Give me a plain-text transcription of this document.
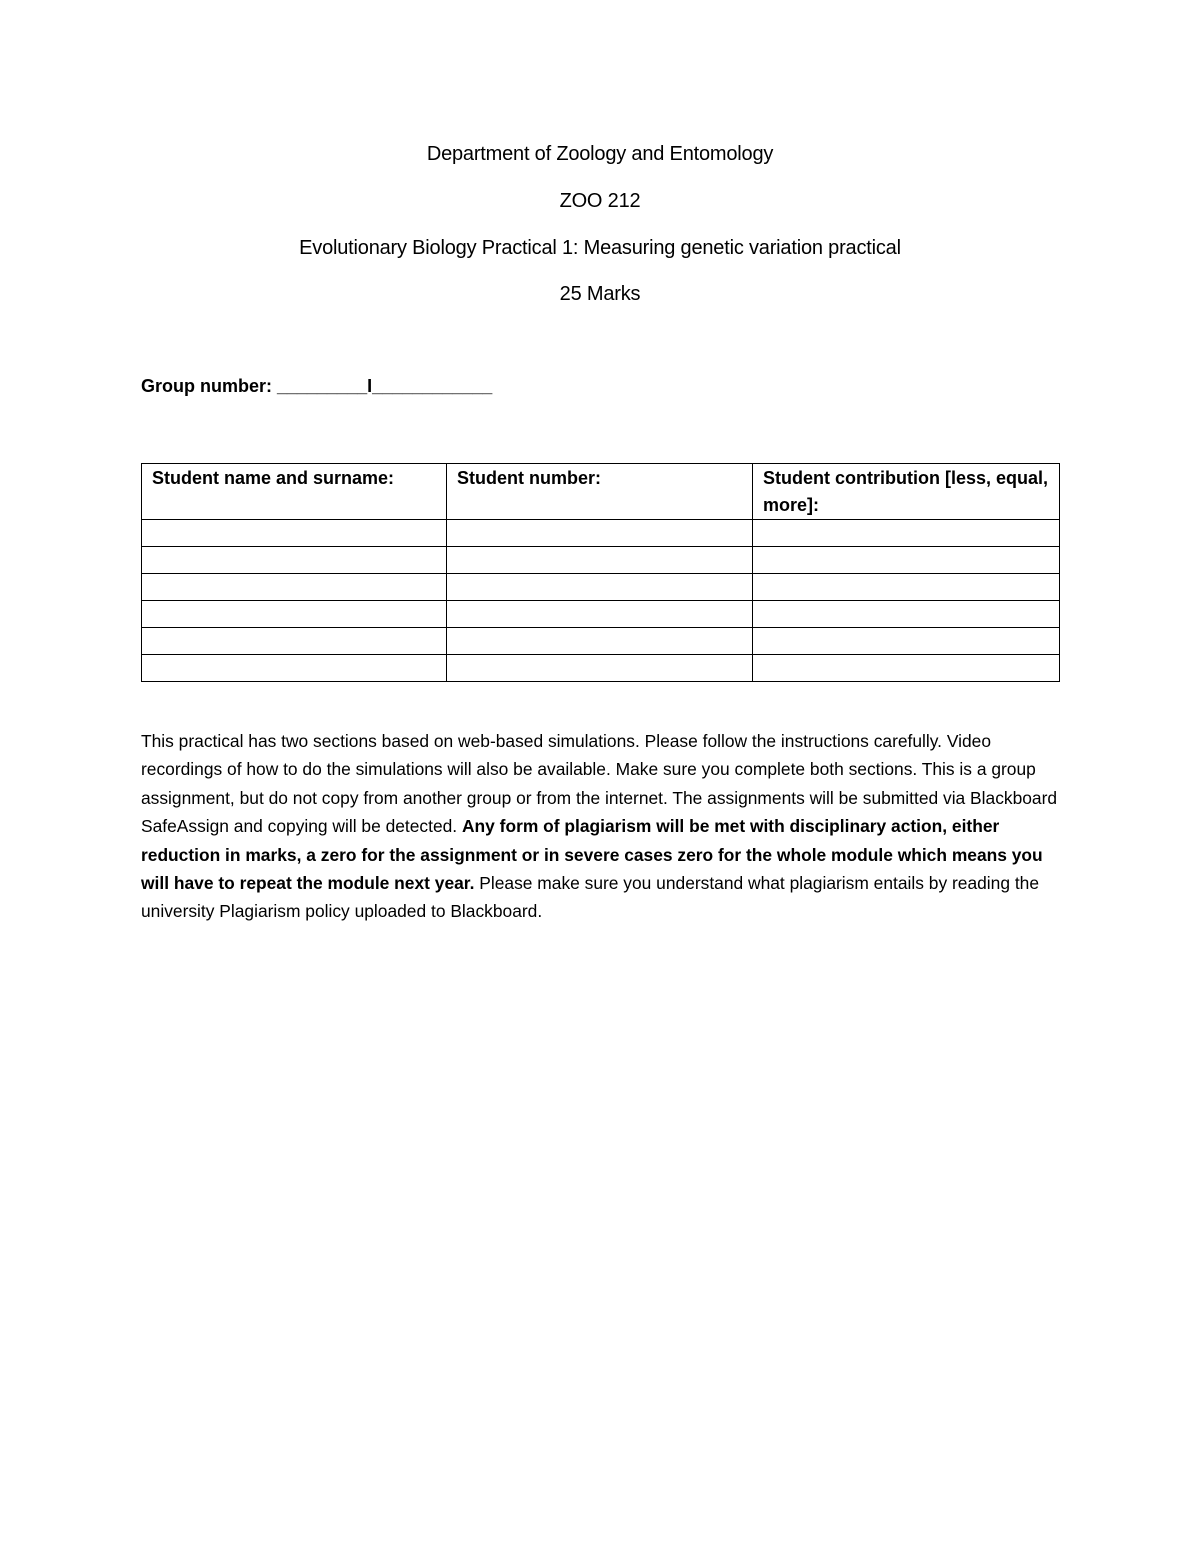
Department of Zoology and Entomology
ZOO 212
Evolutionary Biology Practical 1: Measuring genetic variation practical
25 Marks
Group number: _________I____________
Student name and surname:	Student number:	Student contribution [less, equal, more]:

This practical has two sections based on web-based simulations. Please follow the instructions carefully. Video recordings of how to do the simulations will also be available. Make sure you complete both sections. This is a group assignment, but do not copy from another group or from the internet. The assignments will be submitted via Blackboard SafeAssign and copying will be detected. Any form of plagiarism will be met with disciplinary action, either reduction in marks, a zero for the assignment or in severe cases zero for the whole module which means you will have to repeat the module next year. Please make sure you understand what plagiarism entails by reading the university Plagiarism policy uploaded to Blackboard.
